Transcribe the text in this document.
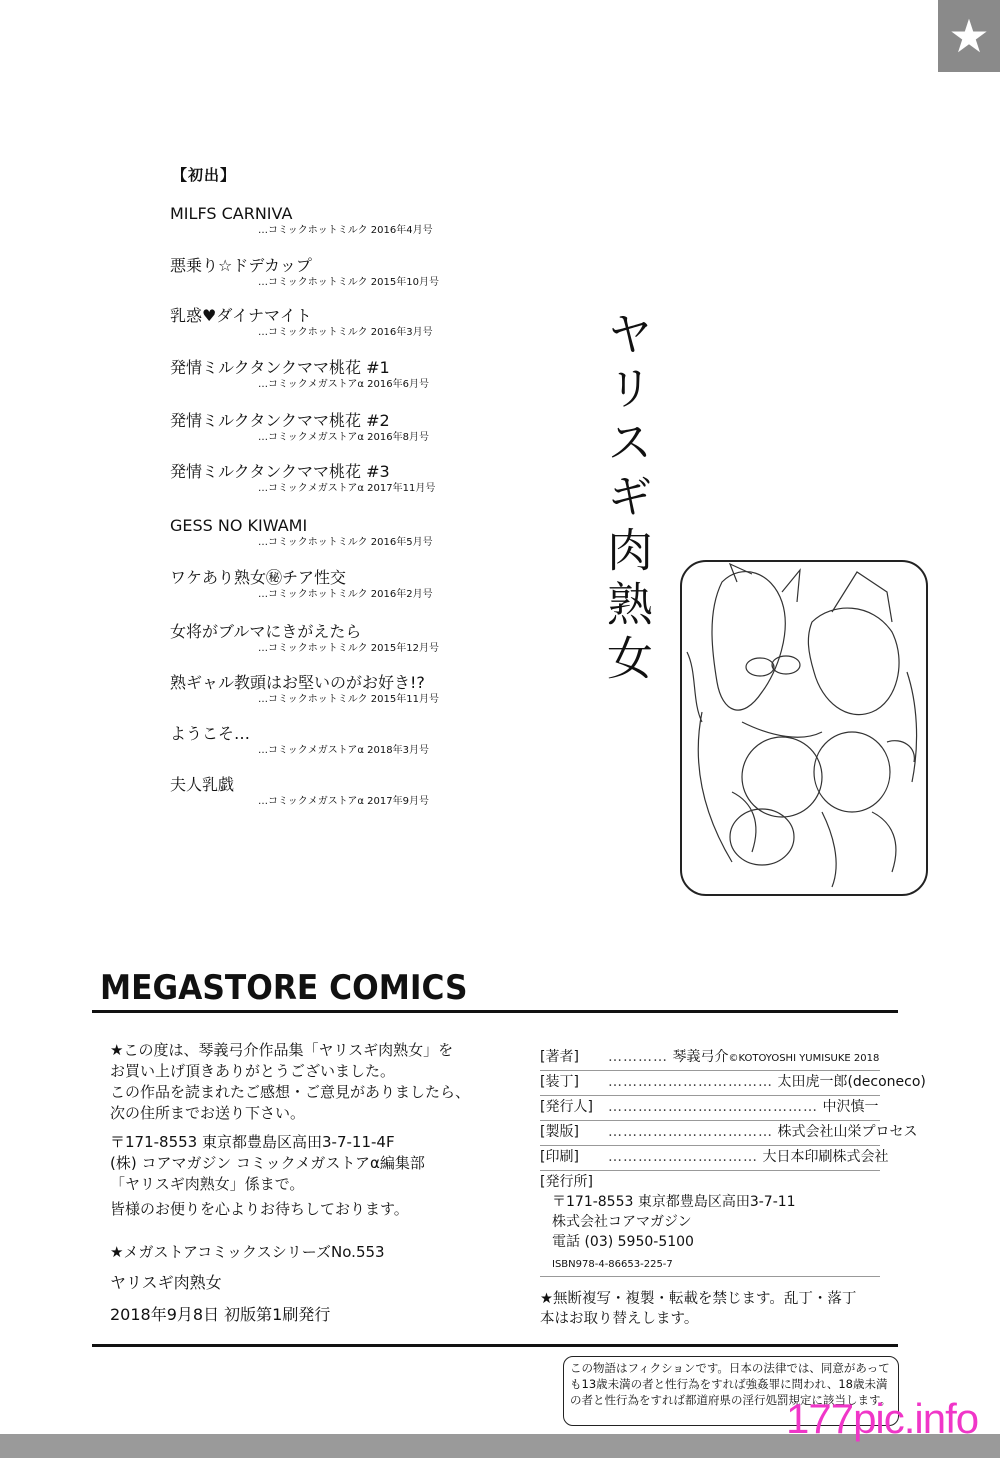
★
【初出】
MILFS CARNIVA
…コミックホットミルク 2016年4月号
悪乗り☆ドデカップ
…コミックホットミルク 2015年10月号
乳惑♥ダイナマイト
…コミックホットミルク 2016年3月号
発情ミルクタンクママ桃花 #1
…コミックメガストアα 2016年6月号
発情ミルクタンクママ桃花 #2
…コミックメガストアα 2016年8月号
発情ミルクタンクママ桃花 #3
…コミックメガストアα 2017年11月号
GESS NO KIWAMI
…コミックホットミルク 2016年5月号
ワケあり熟女㊙チア性交
…コミックホットミルク 2016年2月号
女将がブルマにきがえたら
…コミックホットミルク 2015年12月号
熟ギャル教頭はお堅いのがお好き!?
…コミックホットミルク 2015年11月号
ようこそ…
…コミックメガストアα 2018年3月号
夫人乳戯
…コミックメガストアα 2017年9月号
ヤリスギ肉熟女
MEGASTORE COMICS
★この度は、琴義弓介作品集「ヤリスギ肉熟女」を
お買い上げ頂きありがとうございました。
この作品を読まれたご感想・ご意見がありましたら、
次の住所までお送り下さい。
〒171-8553 東京都豊島区高田3-7-11-4F
(株) コアマガジン コミックメガストアα編集部
「ヤリスギ肉熟女」係まで。
皆様のお便りを心よりお待ちしております。
★メガストアコミックスシリーズNo.553
ヤリスギ肉熟女
2018年9月8日 初版第1刷発行
[著者] ………… 琴義弓介©KOTOYOSHI YUMISUKE 2018
[装丁] …………………………… 太田虎一郎(deconeco)
[発行人] …………………………………… 中沢慎一
[製版] …………………………… 株式会社山栄プロセス
[印刷] ………………………… 大日本印刷株式会社
[発行所]
〒171-8553 東京都豊島区高田3-7-11
株式会社コアマガジン
電話 (03) 5950-5100
ISBN978-4-86653-225-7
★無断複写・複製・転載を禁じます。乱丁・落丁
本はお取り替えします。
この物語はフィクションです。日本の法律では、同意があっても13歳未満の者と性行為をすれば強姦罪に問われ、18歳未満の者と性行為をすれば都道府県の淫行処罰規定に該当します。
177pic.info
